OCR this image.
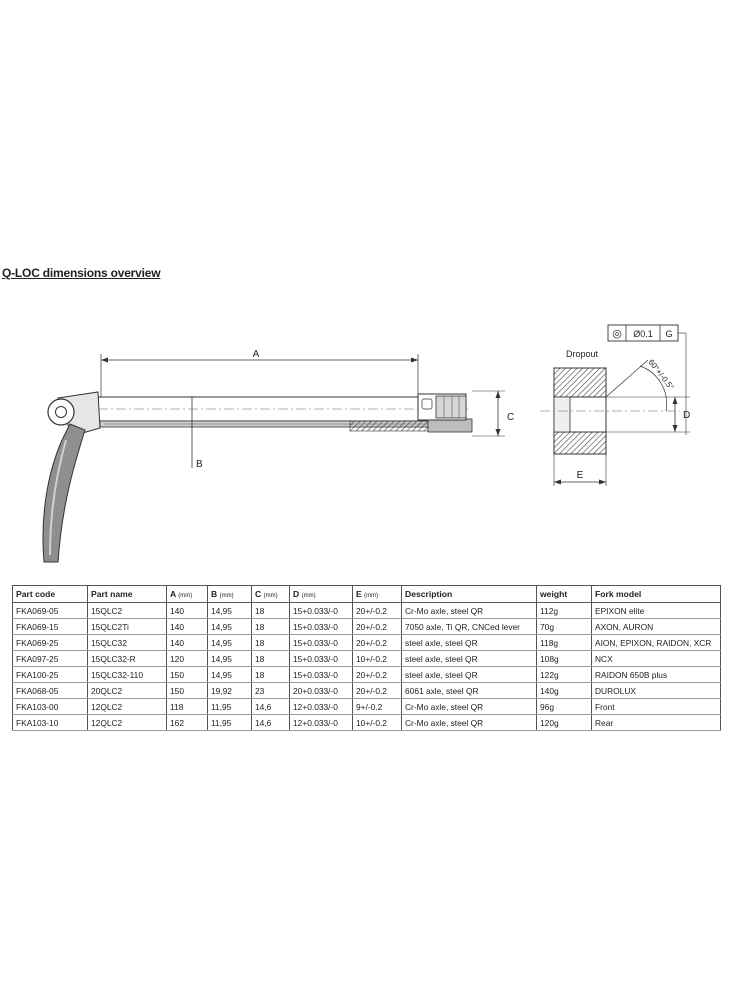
Q-LOC dimensions overview
A
B
C
Dropout
◎ Ø0.1 G
60°+/-0.5°
D
E
Part code	Part name	A (mm)	B (mm)	C (mm)	D (mm)	E (mm)	Description	weight	Fork model
FKA069-05	15QLC2	140	14,95	18	15+0.033/-0	20+/-0.2	Cr-Mo axle, steel QR	112g	EPIXON elite
FKA069-15	15QLC2Ti	140	14,95	18	15+0.033/-0	20+/-0.2	7050 axle, Ti QR, CNCed lever	70g	AXON, AURON
FKA069-25	15QLC32	140	14,95	18	15+0.033/-0	20+/-0.2	steel axle, steel QR	118g	AION, EPIXON, RAIDON, XCR
FKA097-25	15QLC32-R	120	14,95	18	15+0.033/-0	10+/-0.2	steel axle, steel QR	108g	NCX
FKA100-25	15QLC32-110	150	14,95	18	15+0.033/-0	20+/-0.2	steel axle, steel QR	122g	RAIDON 650B plus
FKA068-05	20QLC2	150	19,92	23	20+0.033/-0	20+/-0.2	6061 axle, steel QR	140g	DUROLUX
FKA103-00	12QLC2	118	11,95	14,6	12+0.033/-0	9+/-0.2	Cr-Mo axle, steel QR	96g	Front
FKA103-10	12QLC2	162	11,95	14,6	12+0.033/-0	10+/-0.2	Cr-Mo axle, steel QR	120g	Rear
